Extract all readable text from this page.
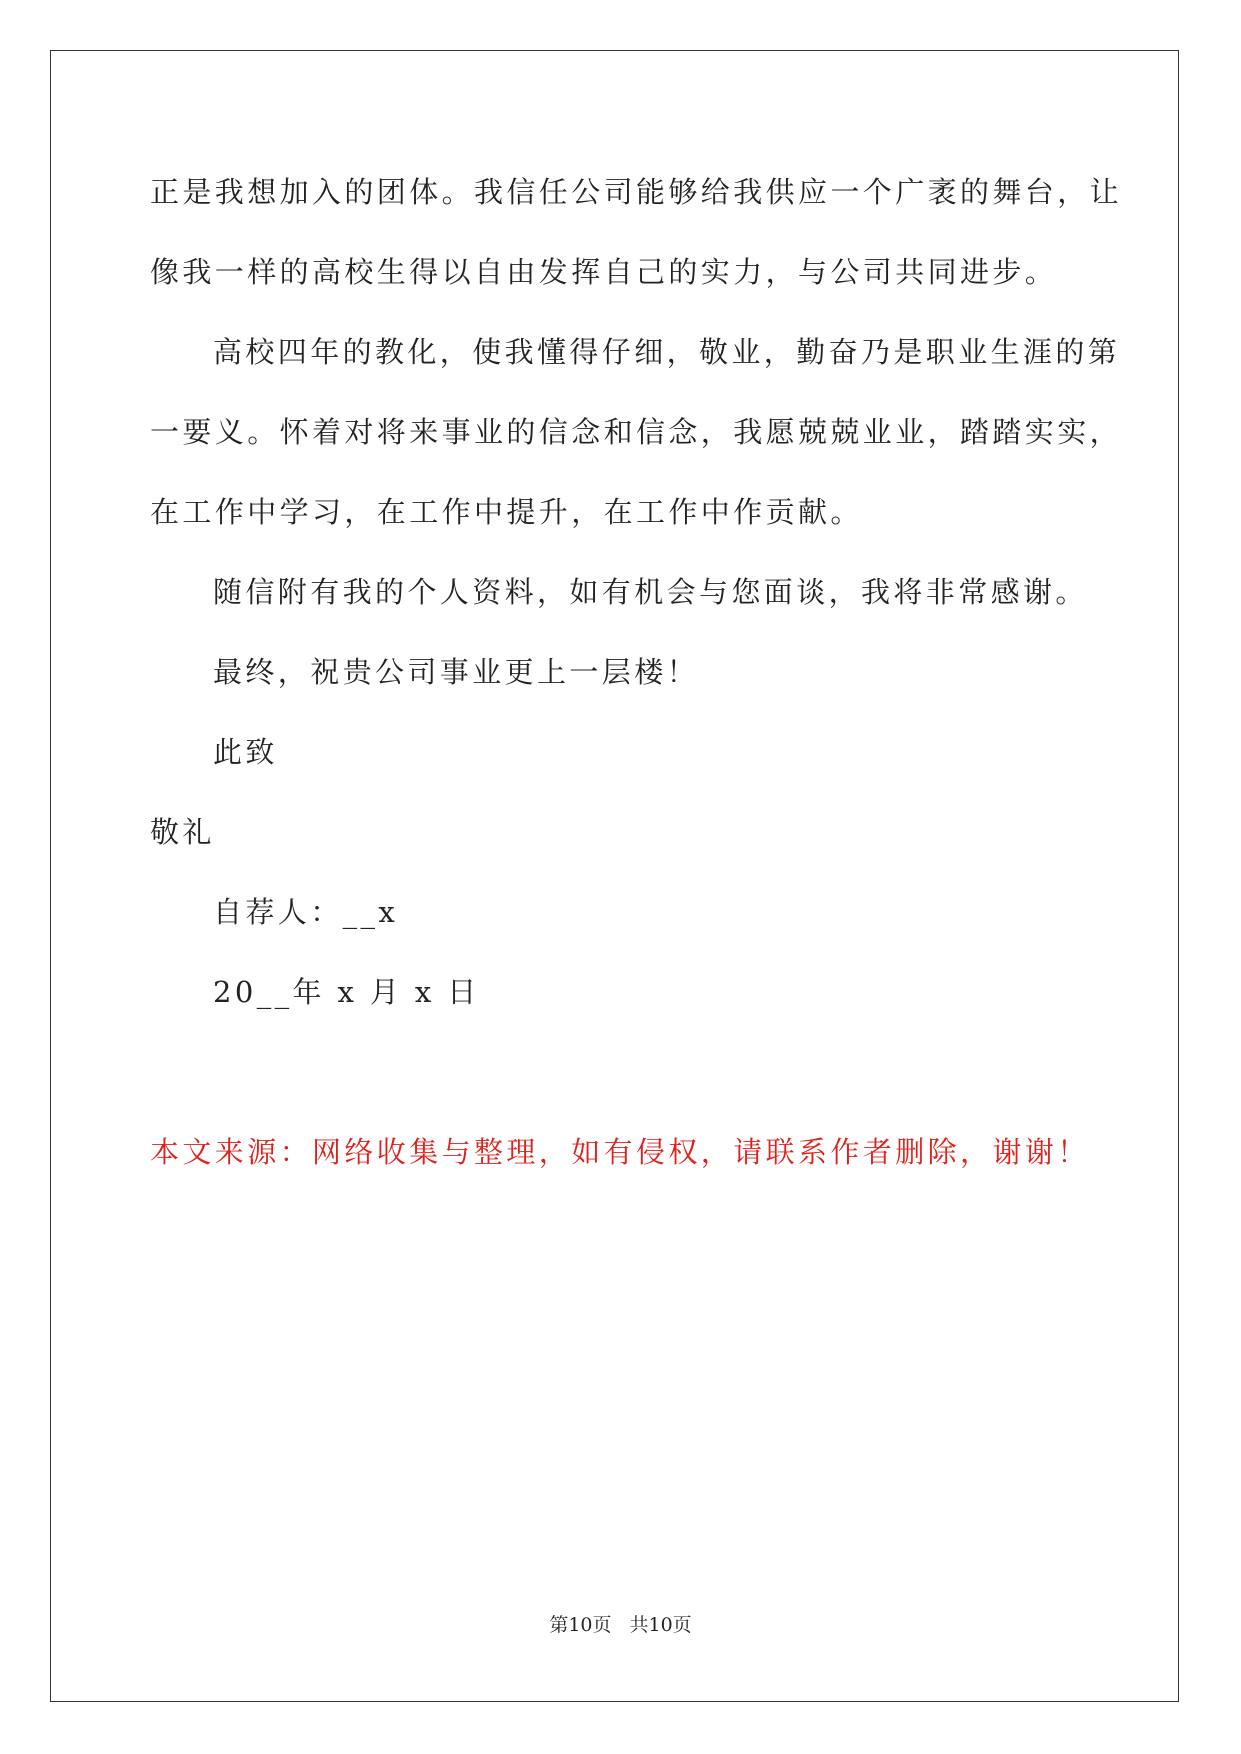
正是我想加入的团体。我信任公司能够给我供应一个广袤的舞台，让
像我一样的高校生得以自由发挥自己的实力，与公司共同进步。
高校四年的教化，使我懂得仔细，敬业，勤奋乃是职业生涯的第
一要义。怀着对将来事业的信念和信念，我愿兢兢业业，踏踏实实，
在工作中学习，在工作中提升，在工作中作贡献。
随信附有我的个人资料，如有机会与您面谈，我将非常感谢。
最终，祝贵公司事业更上一层楼！
此致
敬礼
自荐人：__x
20__年 x 月 x 日
本文来源：网络收集与整理，如有侵权，请联系作者删除，谢谢！
第10页 共10页
